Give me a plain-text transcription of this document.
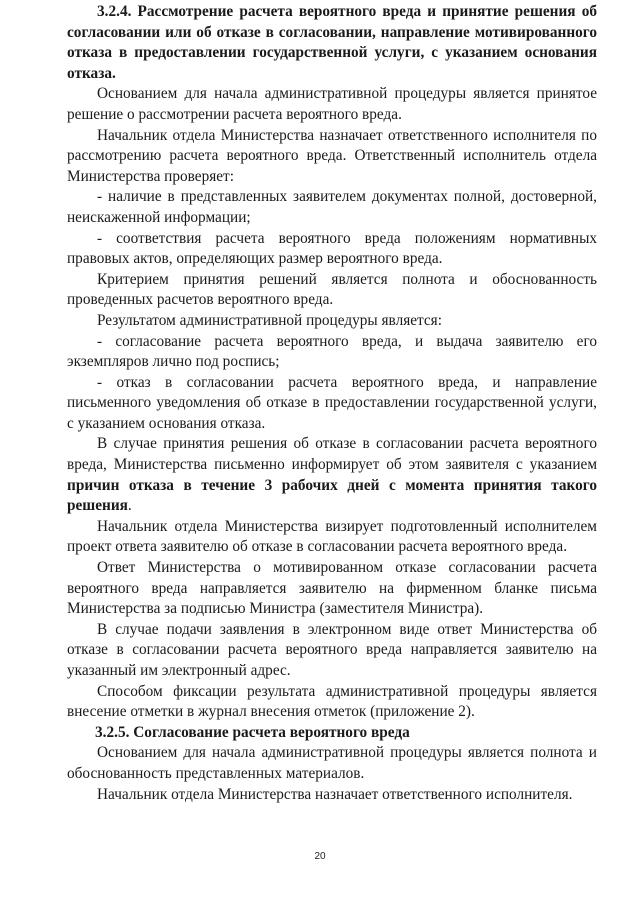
3.2.4. Рассмотрение расчета вероятного вреда и принятие решения об согласовании или об отказе в согласовании, направление мотивированного отказа в предоставлении государственной услуги, с указанием основания отказа.

Основанием для начала административной процедуры является принятое решение о рассмотрении расчета вероятного вреда.

Начальник отдела Министерства назначает ответственного исполнителя по рассмотрению расчета вероятного вреда. Ответственный исполнитель отдела Министерства проверяет:

- наличие в представленных заявителем документах полной, достоверной, неискаженной информации;

- соответствия расчета вероятного вреда положениям нормативных правовых актов, определяющих размер вероятного вреда.

Критерием принятия решений является полнота и обоснованность проведенных расчетов вероятного вреда.

Результатом административной процедуры является:

- согласование расчета вероятного вреда, и выдача заявителю его экземпляров лично под роспись;

- отказ в согласовании расчета вероятного вреда, и направление письменного уведомления об отказе в предоставлении государственной услуги, с указанием основания отказа.

В случае принятия решения об отказе в согласовании расчета вероятного вреда, Министерства письменно информирует об этом заявителя с указанием причин отказа в течение 3 рабочих дней с момента принятия такого решения.

Начальник отдела Министерства визирует подготовленный исполнителем проект ответа заявителю об отказе в согласовании расчета вероятного вреда.

Ответ Министерства о мотивированном отказе согласовании расчета вероятного вреда направляется заявителю на фирменном бланке письма Министерства за подписью Министра (заместителя Министра).

В случае подачи заявления в электронном виде ответ Министерства об отказе в согласовании расчета вероятного вреда направляется заявителю на указанный им электронный адрес.

Способом фиксации результата административной процедуры является внесение отметки в журнал внесения отметок (приложение 2).

3.2.5. Согласование расчета вероятного вреда

Основанием для начала административной процедуры является полнота и обоснованность представленных материалов.

Начальник отдела Министерства назначает ответственного исполнителя.

20
